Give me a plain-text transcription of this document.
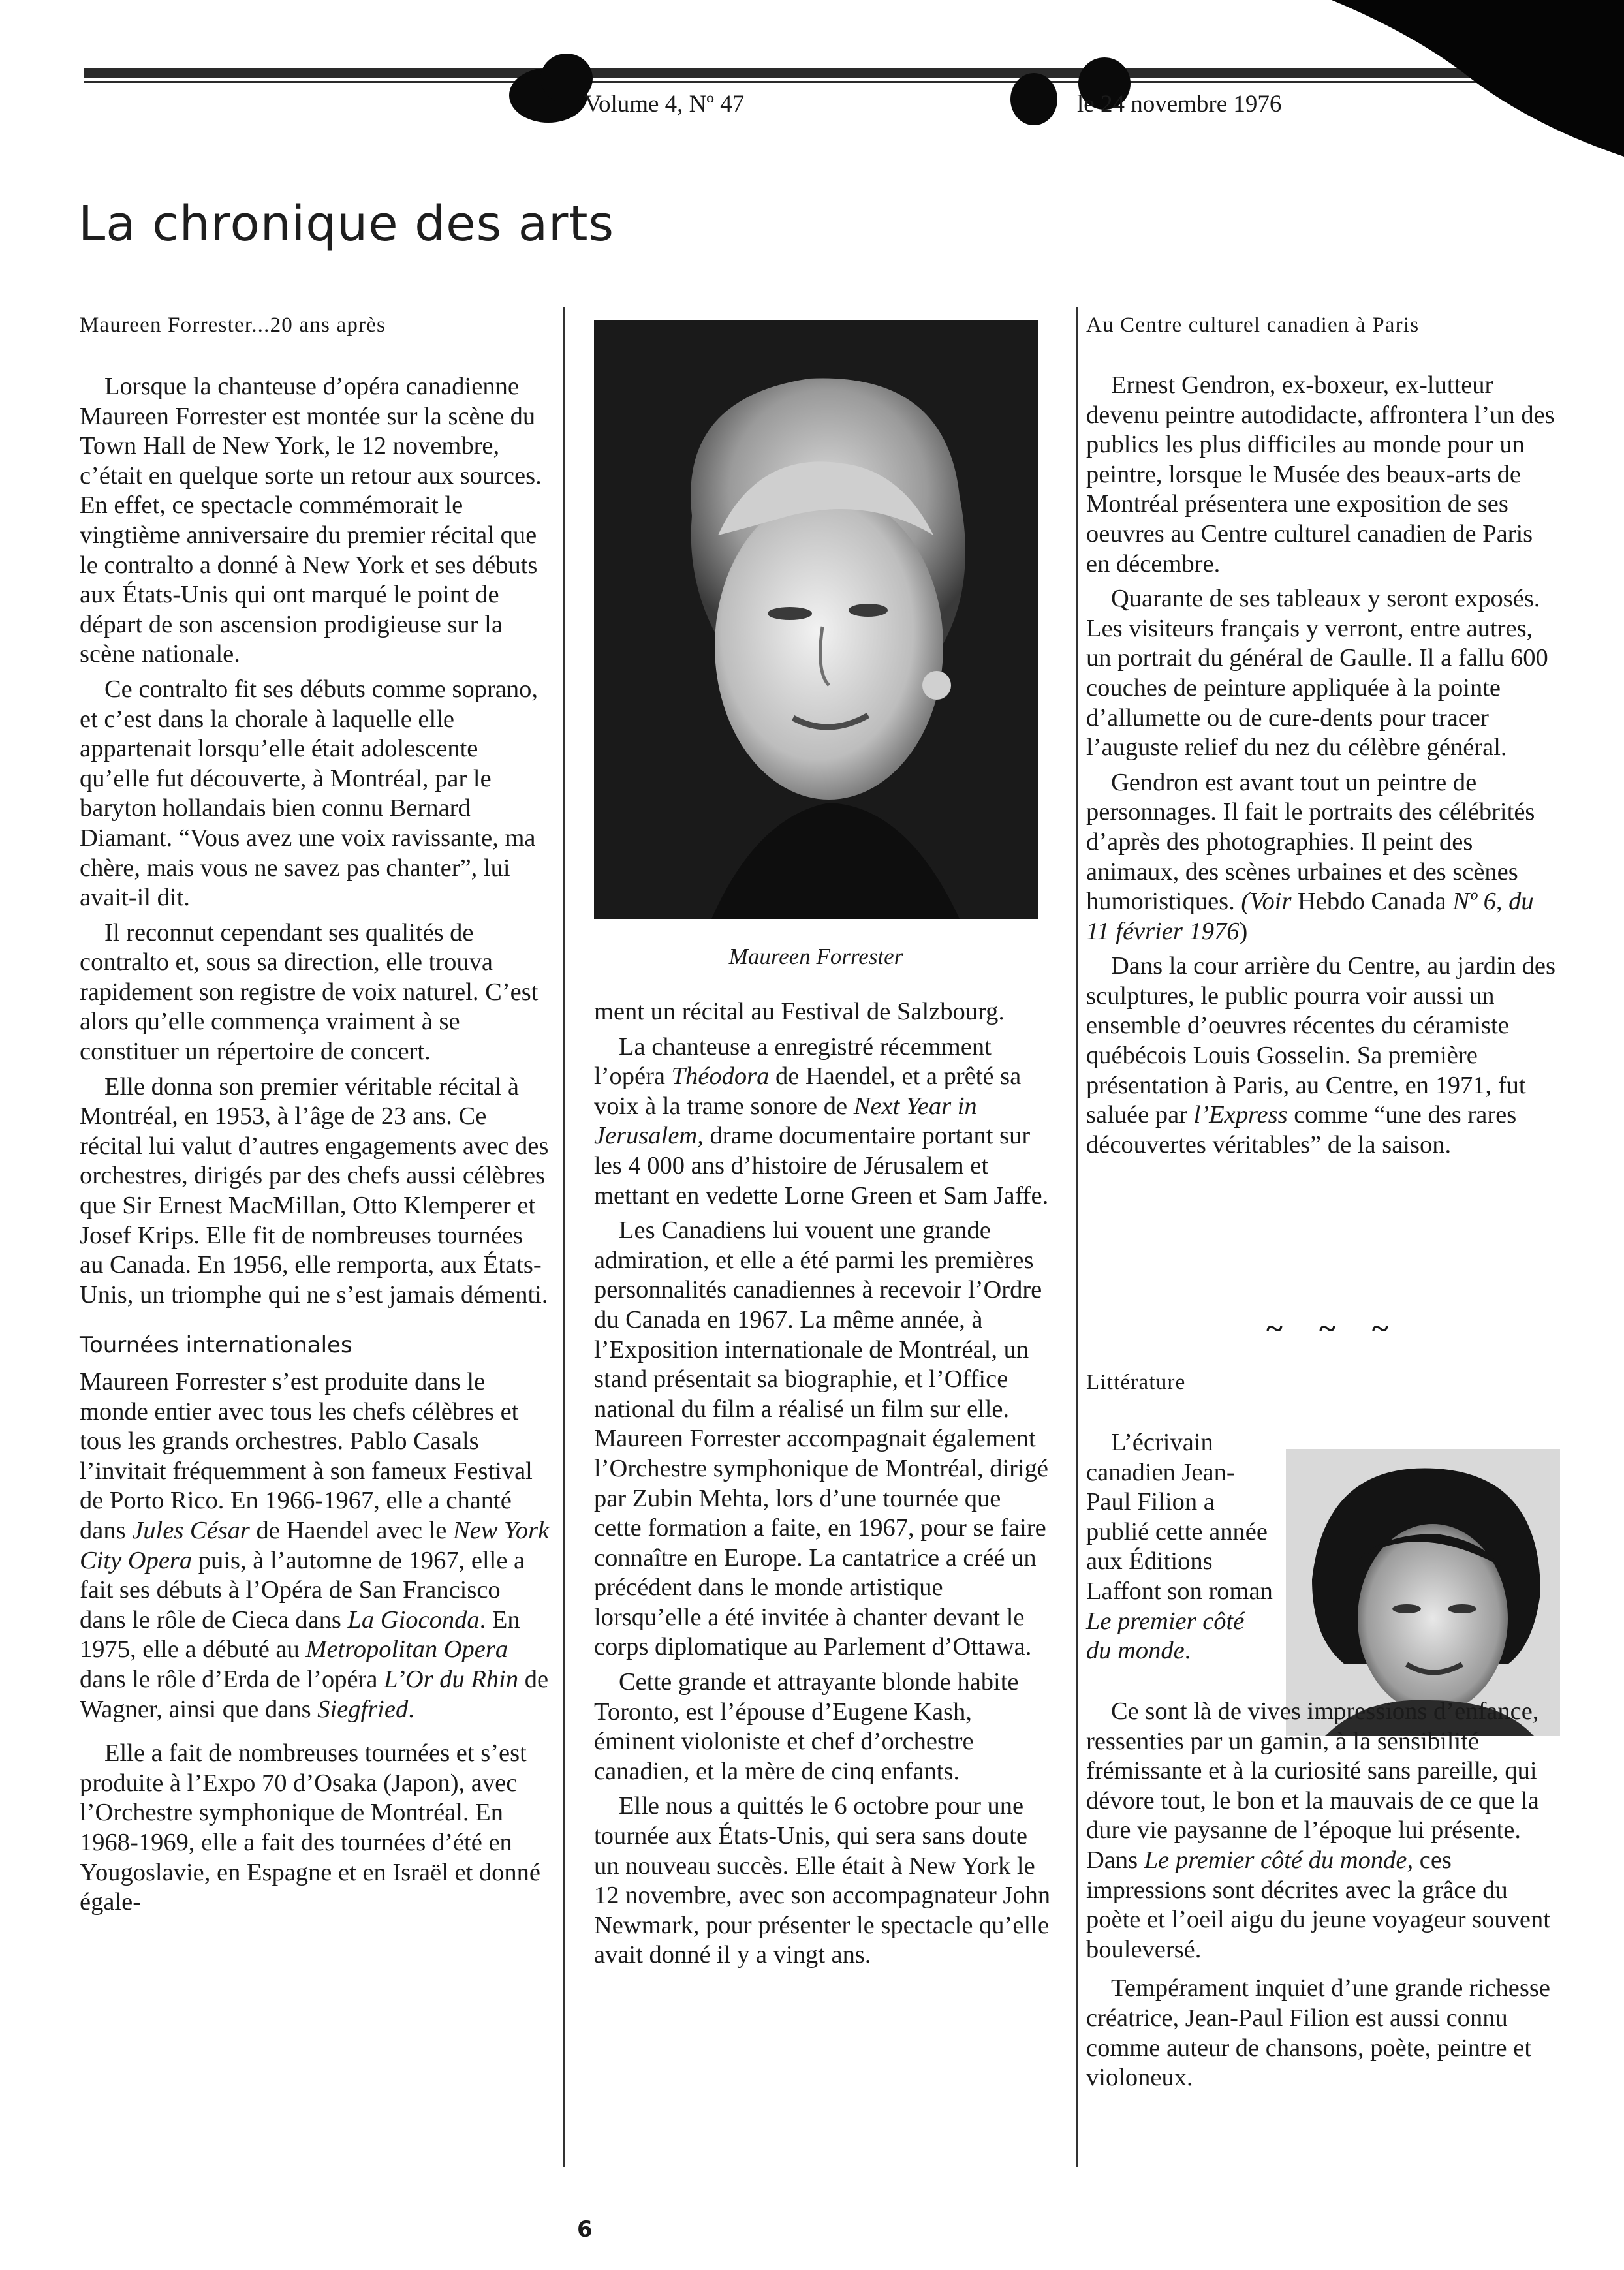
Volume 4, Nº 47	le 24 novembre 1976
La chronique des arts
Maureen Forrester...20 ans après

Lorsque la chanteuse d’opéra canadienne Maureen Forrester est montée sur la scène du Town Hall de New York, le 12 novembre, c’était en quelque sorte un retour aux sources. En effet, ce spectacle commémorait le vingtième anniversaire du premier récital que le contralto a donné à New York et ses débuts aux États-Unis qui ont marqué le point de départ de son ascension prodigieuse sur la scène nationale.

Ce contralto fit ses débuts comme soprano, et c’est dans la chorale à laquelle elle appartenait lorsqu’elle était adolescente qu’elle fut découverte, à Montréal, par le baryton hollandais bien connu Bernard Diamant. “Vous avez une voix ravissante, ma chère, mais vous ne savez pas chanter”, lui avait-il dit.

Il reconnut cependant ses qualités de contralto et, sous sa direction, elle trouva rapidement son registre de voix naturel. C’est alors qu’elle commença vraiment à se constituer un répertoire de concert.

Elle donna son premier véritable récital à Montréal, en 1953, à l’âge de 23 ans. Ce récital lui valut d’autres engagements avec des orchestres, dirigés par des chefs aussi célèbres que Sir Ernest MacMillan, Otto Klemperer et Josef Krips. Elle fit de nombreuses tournées au Canada. En 1956, elle remporta, aux États-Unis, un triomphe qui ne s’est jamais démenti.

Tournées internationales

Maureen Forrester s’est produite dans le monde entier avec tous les chefs célèbres et tous les grands orchestres. Pablo Casals l’invitait fréquemment à son fameux Festival de Porto Rico. En 1966-1967, elle a chanté dans Jules César de Haendel avec le New York City Opera puis, à l’automne de 1967, elle a fait ses débuts à l’Opéra de San Francisco dans le rôle de Cieca dans La Gioconda. En 1975, elle a débuté au Metropolitan Opera dans le rôle d’Erda de l’opéra L’Or du Rhin de Wagner, ainsi que dans Siegfried.

Elle a fait de nombreuses tournées et s’est produite à l’Expo 70 d’Osaka (Japon), avec l’Orchestre symphonique de Montréal. En 1968-1969, elle a fait des tournées d’été en Yougoslavie, en Espagne et en Israël et donné égale-

Maureen Forrester

ment un récital au Festival de Salzbourg.

La chanteuse a enregistré récemment l’opéra Théodora de Haendel, et a prêté sa voix à la trame sonore de Next Year in Jerusalem, drame documentaire portant sur les 4 000 ans d’histoire de Jérusalem et mettant en vedette Lorne Green et Sam Jaffe.

Les Canadiens lui vouent une grande admiration, et elle a été parmi les premières personnalités canadiennes à recevoir l’Ordre du Canada en 1967. La même année, à l’Exposition internationale de Montréal, un stand présentait sa biographie, et l’Office national du film a réalisé un film sur elle. Maureen Forrester accompagnait également l’Orchestre symphonique de Montréal, dirigé par Zubin Mehta, lors d’une tournée que cette formation a faite, en 1967, pour se faire connaître en Europe. La cantatrice a créé un précédent dans le monde artistique lorsqu’elle a été invitée à chanter devant le corps diplomatique au Parlement d’Ottawa.

Cette grande et attrayante blonde habite Toronto, est l’épouse d’Eugene Kash, éminent violoniste et chef d’orchestre canadien, et la mère de cinq enfants.

Elle nous a quittés le 6 octobre pour une tournée aux États-Unis, qui sera sans doute un nouveau succès. Elle était à New York le 12 novembre, avec son accompagnateur John Newmark, pour présenter le spectacle qu’elle avait donné il y a vingt ans.

Au Centre culturel canadien à Paris

Ernest Gendron, ex-boxeur, ex-lutteur devenu peintre autodidacte, affrontera l’un des publics les plus difficiles au monde pour un peintre, lorsque le Musée des beaux-arts de Montréal présentera une exposition de ses oeuvres au Centre culturel canadien de Paris en décembre.

Quarante de ses tableaux y seront exposés. Les visiteurs français y verront, entre autres, un portrait du général de Gaulle. Il a fallu 600 couches de peinture appliquée à la pointe d’allumette ou de cure-dents pour tracer l’auguste relief du nez du célèbre général.

Gendron est avant tout un peintre de personnages. Il fait le portraits des célébrités d’après des photographies. Il peint des animaux, des scènes urbaines et des scènes humoristiques. (Voir Hebdo Canada Nº 6, du 11 février 1976)

Dans la cour arrière du Centre, au jardin des sculptures, le public pourra voir aussi un ensemble d’oeuvres récentes du céramiste québécois Louis Gosselin. Sa première présentation à Paris, au Centre, en 1971, fut saluée par l’Express comme “une des rares découvertes véritables” de la saison.

~ ~ ~
Littérature

L’écrivain canadien Jean-Paul Filion a publié cette année aux Éditions Laffont son roman Le premier côté du monde.

Ce sont là de vives impressions d’enfance, ressenties par un gamin, à la sensibilité frémissante et à la curiosité sans pareille, qui dévore tout, le bon et la mauvais de ce que la dure vie paysanne de l’époque lui présente. Dans Le premier côté du monde, ces impressions sont décrites avec la grâce du poète et l’oeil aigu du jeune voyageur souvent bouleversé.

Tempérament inquiet d’une grande richesse créatrice, Jean-Paul Filion est aussi connu comme auteur de chansons, poète, peintre et violoneux.

6
